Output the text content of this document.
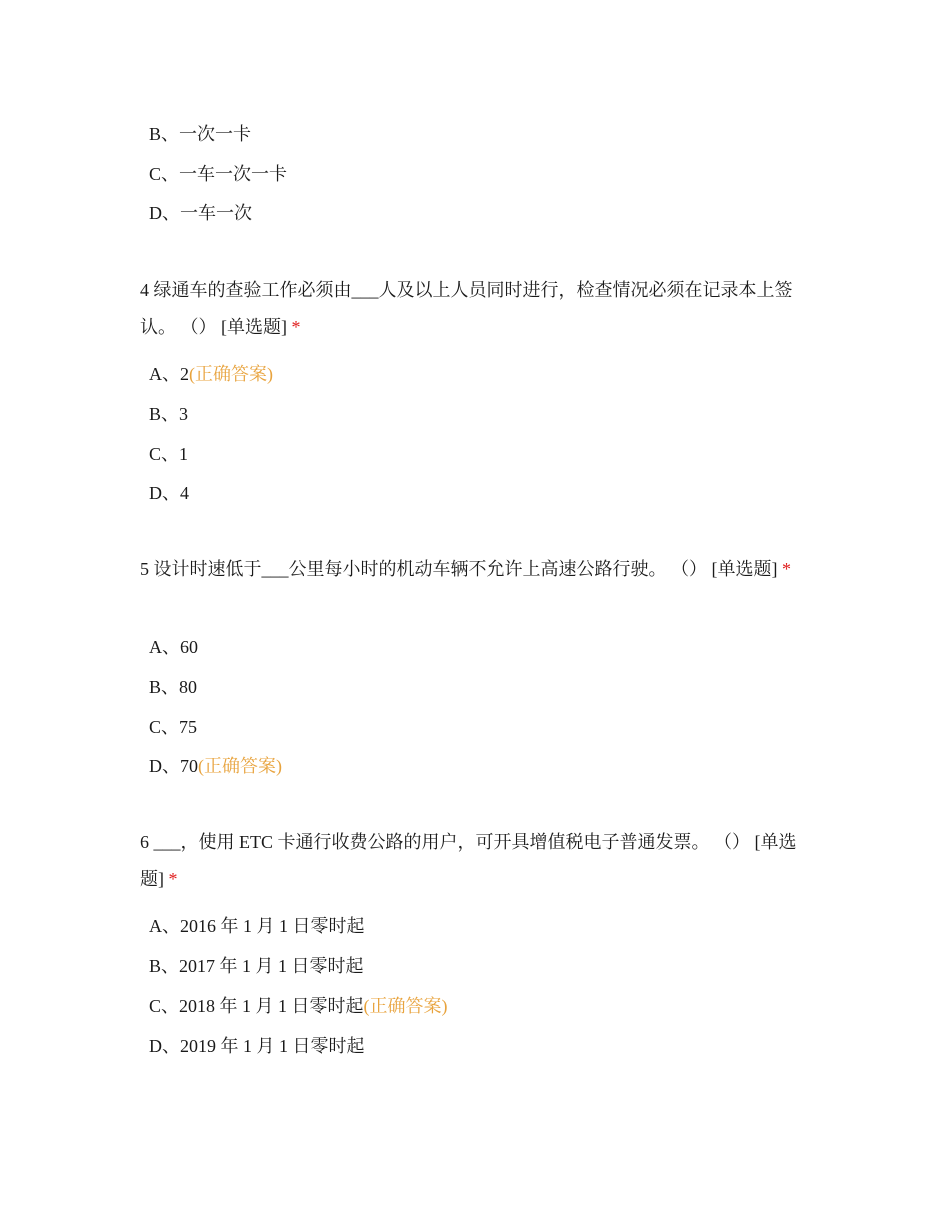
B、一次一卡
C、一车一次一卡
D、一车一次
4 绿通车的查验工作必须由___人及以上人员同时进行，检查情况必须在记录本上签认。 （） [单选题] *
A、2(正确答案)
B、3
C、1
D、4
5 设计时速低于___公里每小时的机动车辆不允许上高速公路行驶。 （） [单选题] *
A、60
B、80
C、75
D、70(正确答案)
6 ___，使用 ETC 卡通行收费公路的用户，可开具增值税电子普通发票。 （） [单选题] *
A、2016 年 1 月 1 日零时起
B、2017 年 1 月 1 日零时起
C、2018 年 1 月 1 日零时起(正确答案)
D、2019 年 1 月 1 日零时起
